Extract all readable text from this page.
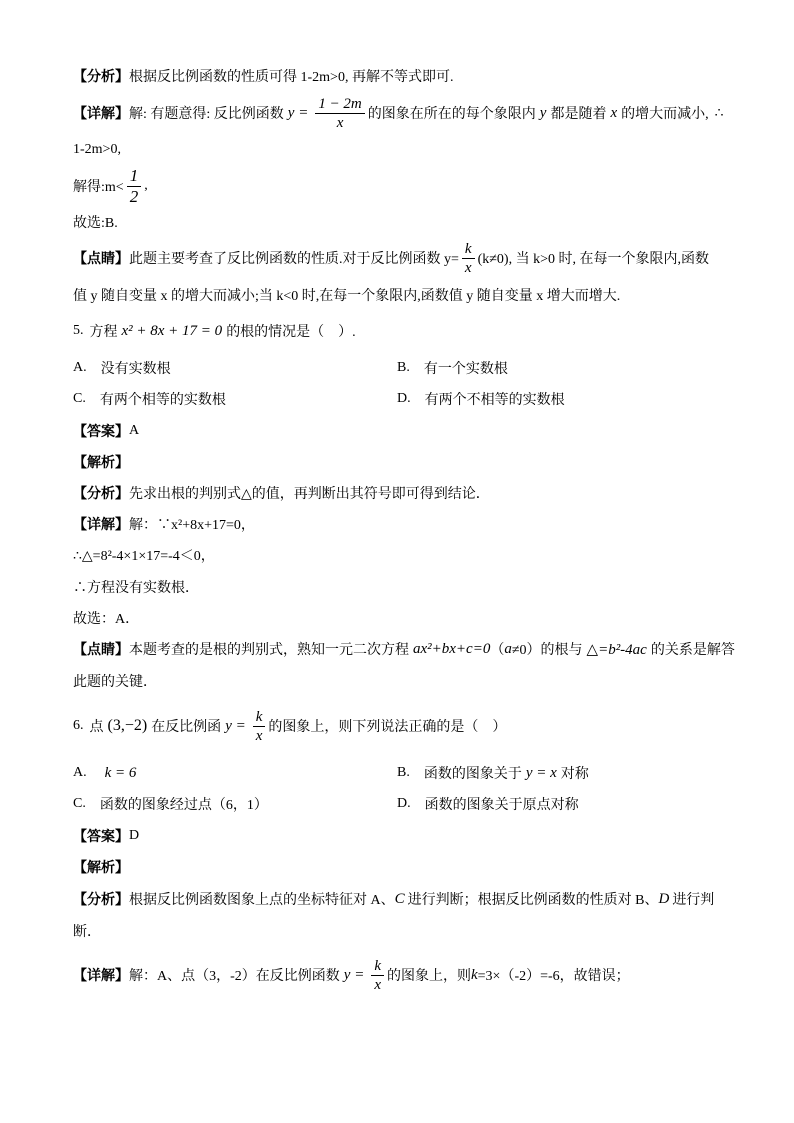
【分析】 根据反比例函数的性质可得 1-2m>0, 再解不等式即可.
【详解】 解: 有题意得: 反比例函数 $y = \frac{1 - 2m}{x}$ 的图象在所在的每个象限内 y 都是随着 x 的增大而减小, ∴
1-2m>0,
解得:m< $\frac{1}{2}$ ,
故选:B.
【点睛】 此题主要考查了反比例函数的性质.对于反比例函数 $y= \frac{k}{x} (k\ne 0)$, 当 k>0 时, 在每一个象限内,函数
值 y 随自变量 x 的增大而减小;当 k<0 时,在每一个象限内,函数值 y 随自变量 x 增大而增大.
5. 方程 x² + 8x + 17 = 0 的根的情况是（　）.
A. 没有实数根	B. 有一个实数根
C. 有两个相等的实数根	D. 有两个不相等的实数根
【答案】 A
【解析】
【分析】 先求出根的判别式△的值，再判断出其符号即可得到结论．
【详解】 解：∵x²+8x+17=0，
∴△=8²-4×1×17=-4＜0，
∴方程没有实数根．
故选：A．
【点睛】 本题考查的是根的判别式，熟知一元二次方程 ax²+bx+c=0 （ a ≠0） 的根与 △=b²-4ac 的关系是解答
此题的关键．
6. 点 (3,−2) 在反比例函 $y = \frac{k}{x}$ 的图象上，则下列说法正确的是（　）
A. k = 6	B. 函数的图象关于 y = x 对称
C. 函数的图象经过点（6，1）	D. 函数的图象关于原点对称
【答案】 D
【解析】
【分析】 根据反比例函数图象上点的坐标特征对 A、 C 进行判断；根据反比例函数的性质对 B、 D 进行判
断．
【详解】 解：A、点（3，-2）在反比例函数 $y = \frac{k}{x}$ 的图象上，则 k =3×（-2）=-6，故错误；
